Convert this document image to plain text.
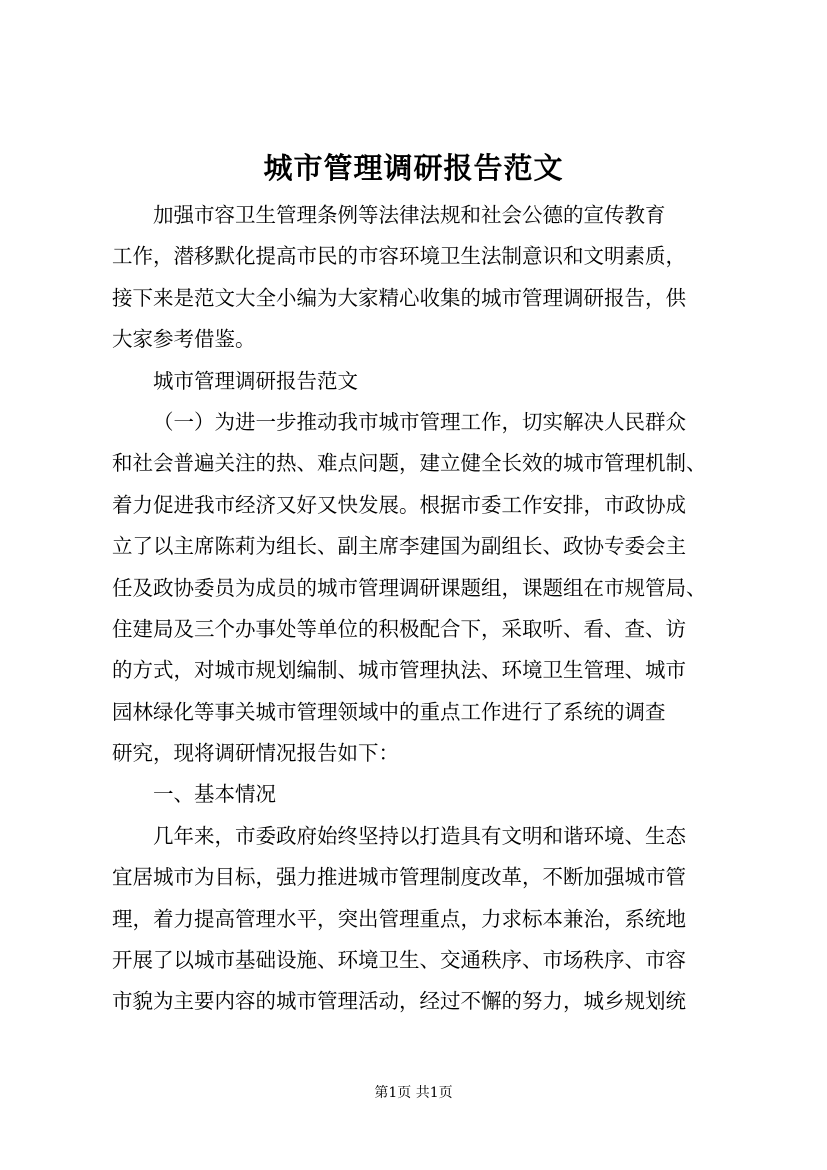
城市管理调研报告范文
加强市容卫生管理条例等法律法规和社会公德的宣传教育
工作，潜移默化提高市民的市容环境卫生法制意识和文明素质，
接下来是范文大全小编为大家精心收集的城市管理调研报告，供
大家参考借鉴。
城市管理调研报告范文
（一）为进一步推动我市城市管理工作，切实解决人民群众
和社会普遍关注的热、难点问题，建立健全长效的城市管理机制、
着力促进我市经济又好又快发展。根据市委工作安排，市政协成
立了以主席陈莉为组长、副主席李建国为副组长、政协专委会主
任及政协委员为成员的城市管理调研课题组，课题组在市规管局、
住建局及三个办事处等单位的积极配合下，采取听、看、查、访
的方式，对城市规划编制、城市管理执法、环境卫生管理、城市
园林绿化等事关城市管理领域中的重点工作进行了系统的调查
研究，现将调研情况报告如下：
一、基本情况
几年来，市委政府始终坚持以打造具有文明和谐环境、生态
宜居城市为目标，强力推进城市管理制度改革，不断加强城市管
理，着力提高管理水平，突出管理重点，力求标本兼治，系统地
开展了以城市基础设施、环境卫生、交通秩序、市场秩序、市容
市貌为主要内容的城市管理活动，经过不懈的努力，城乡规划统
第1页 共1页
